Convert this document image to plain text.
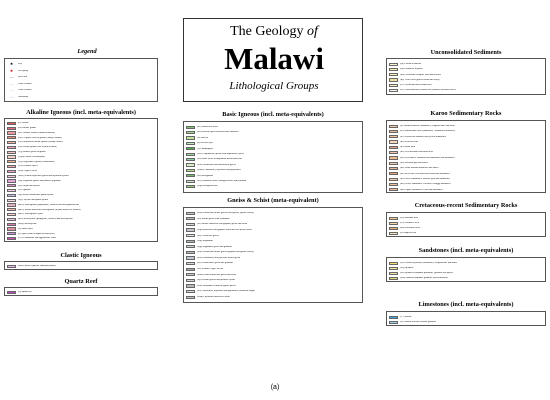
The Geology of
Malawi
Lithological Groups
Legend
★	City
★	Hot Spring
—	Rift Fault
—	500m Contour
—	100m Contour
—	Waterbody
Alkaline Igneous (incl. meta-equivalents)
(G) Granite
(Gb) Biotite granite
(Gl) Alkaline Granite (undifferentiated)
(GR) Aegirine-riebeck granite (Mlanje Massif)
(Gu) Hornblende-biotite granite (Mlanje Massif)
(GR) Biotite granite (late to post-tectonic)
(Yg) Granite gneiss & granite
(YgD) Granite (Dzalanyama)
(Yg) Hypersthene granite (charnockitic)
(Yxa) Granitic dykes
(Xsa) Augen Gneiss
(Xney) Biotite-nepheline-gneiss and nepheline-syenite
(Yp) Pegmatitic gneiss and massive pegmatite
(Ny) Nepheline-syenite
(P) Pegmatite
(Sy) Biotite-hornblende quartz syenite
(Sy2) Syenite and quartz-syenite
(mG3) Microgranite (porphyritic, sheared) and microgranodiorite
(mG2) Biotite-microcline-microgranite (in part sheared or foliated)
(mG1) Microgranite dykes
(mS) Microsyenite (porphyritic, sheared) and microsyenite
(mSy) Microsyenite
(D) Dorite dyke
(a) Aplite (alkali feldspar & muscovite)
(CA) Carbonatite and agglomerate vents
Clastic Igneous
(Ma) Chilwa Sequence (undifferentiated)
Quartz Reef
(Q) Quartz reef
Basic Igneous (incl. meta-equivalents)
(Kv) Basalt lava flows
(Kd) Dolerite dykes and associated intrusives
(D) Dolerite
(d) Dolerite dyke
(L) Lamprophyre
(YaN) Amphibolite gneiss with amphibolite dykes
(Xb) Basic rocks; metagabbros and metadolerite
(Xba) Anorthosite and anorthositic gneiss
(Xaml) Cataclasites, mylonites and phyllonites
(Xd) Metagabbro
(Xb) Ultrabasic rocks: Metapyroxenite and peridotite
(Xap) Metapyroxenite
Gneiss & Schist (meta-equivalent)
(Xm) Hornblende-biotite gneiss (semi-pelitic, garnet locally)
(Xs) Biotite gneiss with Sillimanite
(Xo) Biotite-muscovite and graphite gneiss and schist
(Xap) Muscovite and graphite schist and calc-pelitic schist
(Xcc) Cordierite gneiss
(Xgs) Migmatitic
(Xgl) Migmatitic gneiss and granulite
(Xbl) Hornblende-biotite gneiss (graphite and garnet locally)
(Xbz) Hornblende and pyroxene-biotite gneiss
(Xh) Charnockitic gneiss and granulite
(Xa) Perthitic Augen Gneiss
(Xms) Biotite-muscovite gneiss and schist
(Xp) Perthite-gneiss and perthitic syenite
(Xbi) Sillimanite-cordierite-garnet gneiss
(Xs) Cataclasites, mylonites and phyllonites (unknown origin)
(Xsm) Phyllonitic muscovite schist
Unconsolidated Sediments
(Ql) Fluvial sediments
(Ql) Lacustrine deposits
(Mw) Lacustrine sandpits, bars and beaches
(Ry) Terilel beds (gravels sands and clays)
(Cv) Colluvium and residual soils
(Ce) Colluvium and residual soils (shallow basement cover)
Karoo Sedimentary Rocks
(K) Undifferentiated: sandstones, conglomerates and shales
(K3) Intermediate beds (sandstones - mudstones/siltstones)
(K3) Calcareous siltstones and yellow mudstones
(Kb) Chiweta Beds
(K3) Basal Beds
(Ko) Coal measures and basal beds
(Ko) Coal shales: carbonaceous mudstones and sandstones
(Ko) Mwanza grits and shales
(Ka) North Rukuru mudstones and shales
(Ko) Red Beds: Red marls and calcareous sandstones
(Ki) Lower Sandstones: Massive grits and sandstones
(Kh) Lower Sandstones: Horizon of Baggy mudstones
(KB) Upper Sandstones: Grits and sandstones
Cretaceous-recent Sedimentary Rocks
(Cd) Dinosaur beds
(Ch) Chitimwe Beds
(Bd) Chiwondo Beds
(S) Sungwa Beds
Sandstones (incl. meta-equivalents)
(Ls) Calcareous pebbley sandstones, conglomerate and marls
(Xq) Quartzite
(Xn) Quartzo-feldspathic psammite, granulite and gneiss
(Xih) Quartzofeldspathic granulite with hornblende
Limestones (incl. meta-equivalents)
(Y1) Marble
(Xc) Marble and calc-silicate granulite
(a)
